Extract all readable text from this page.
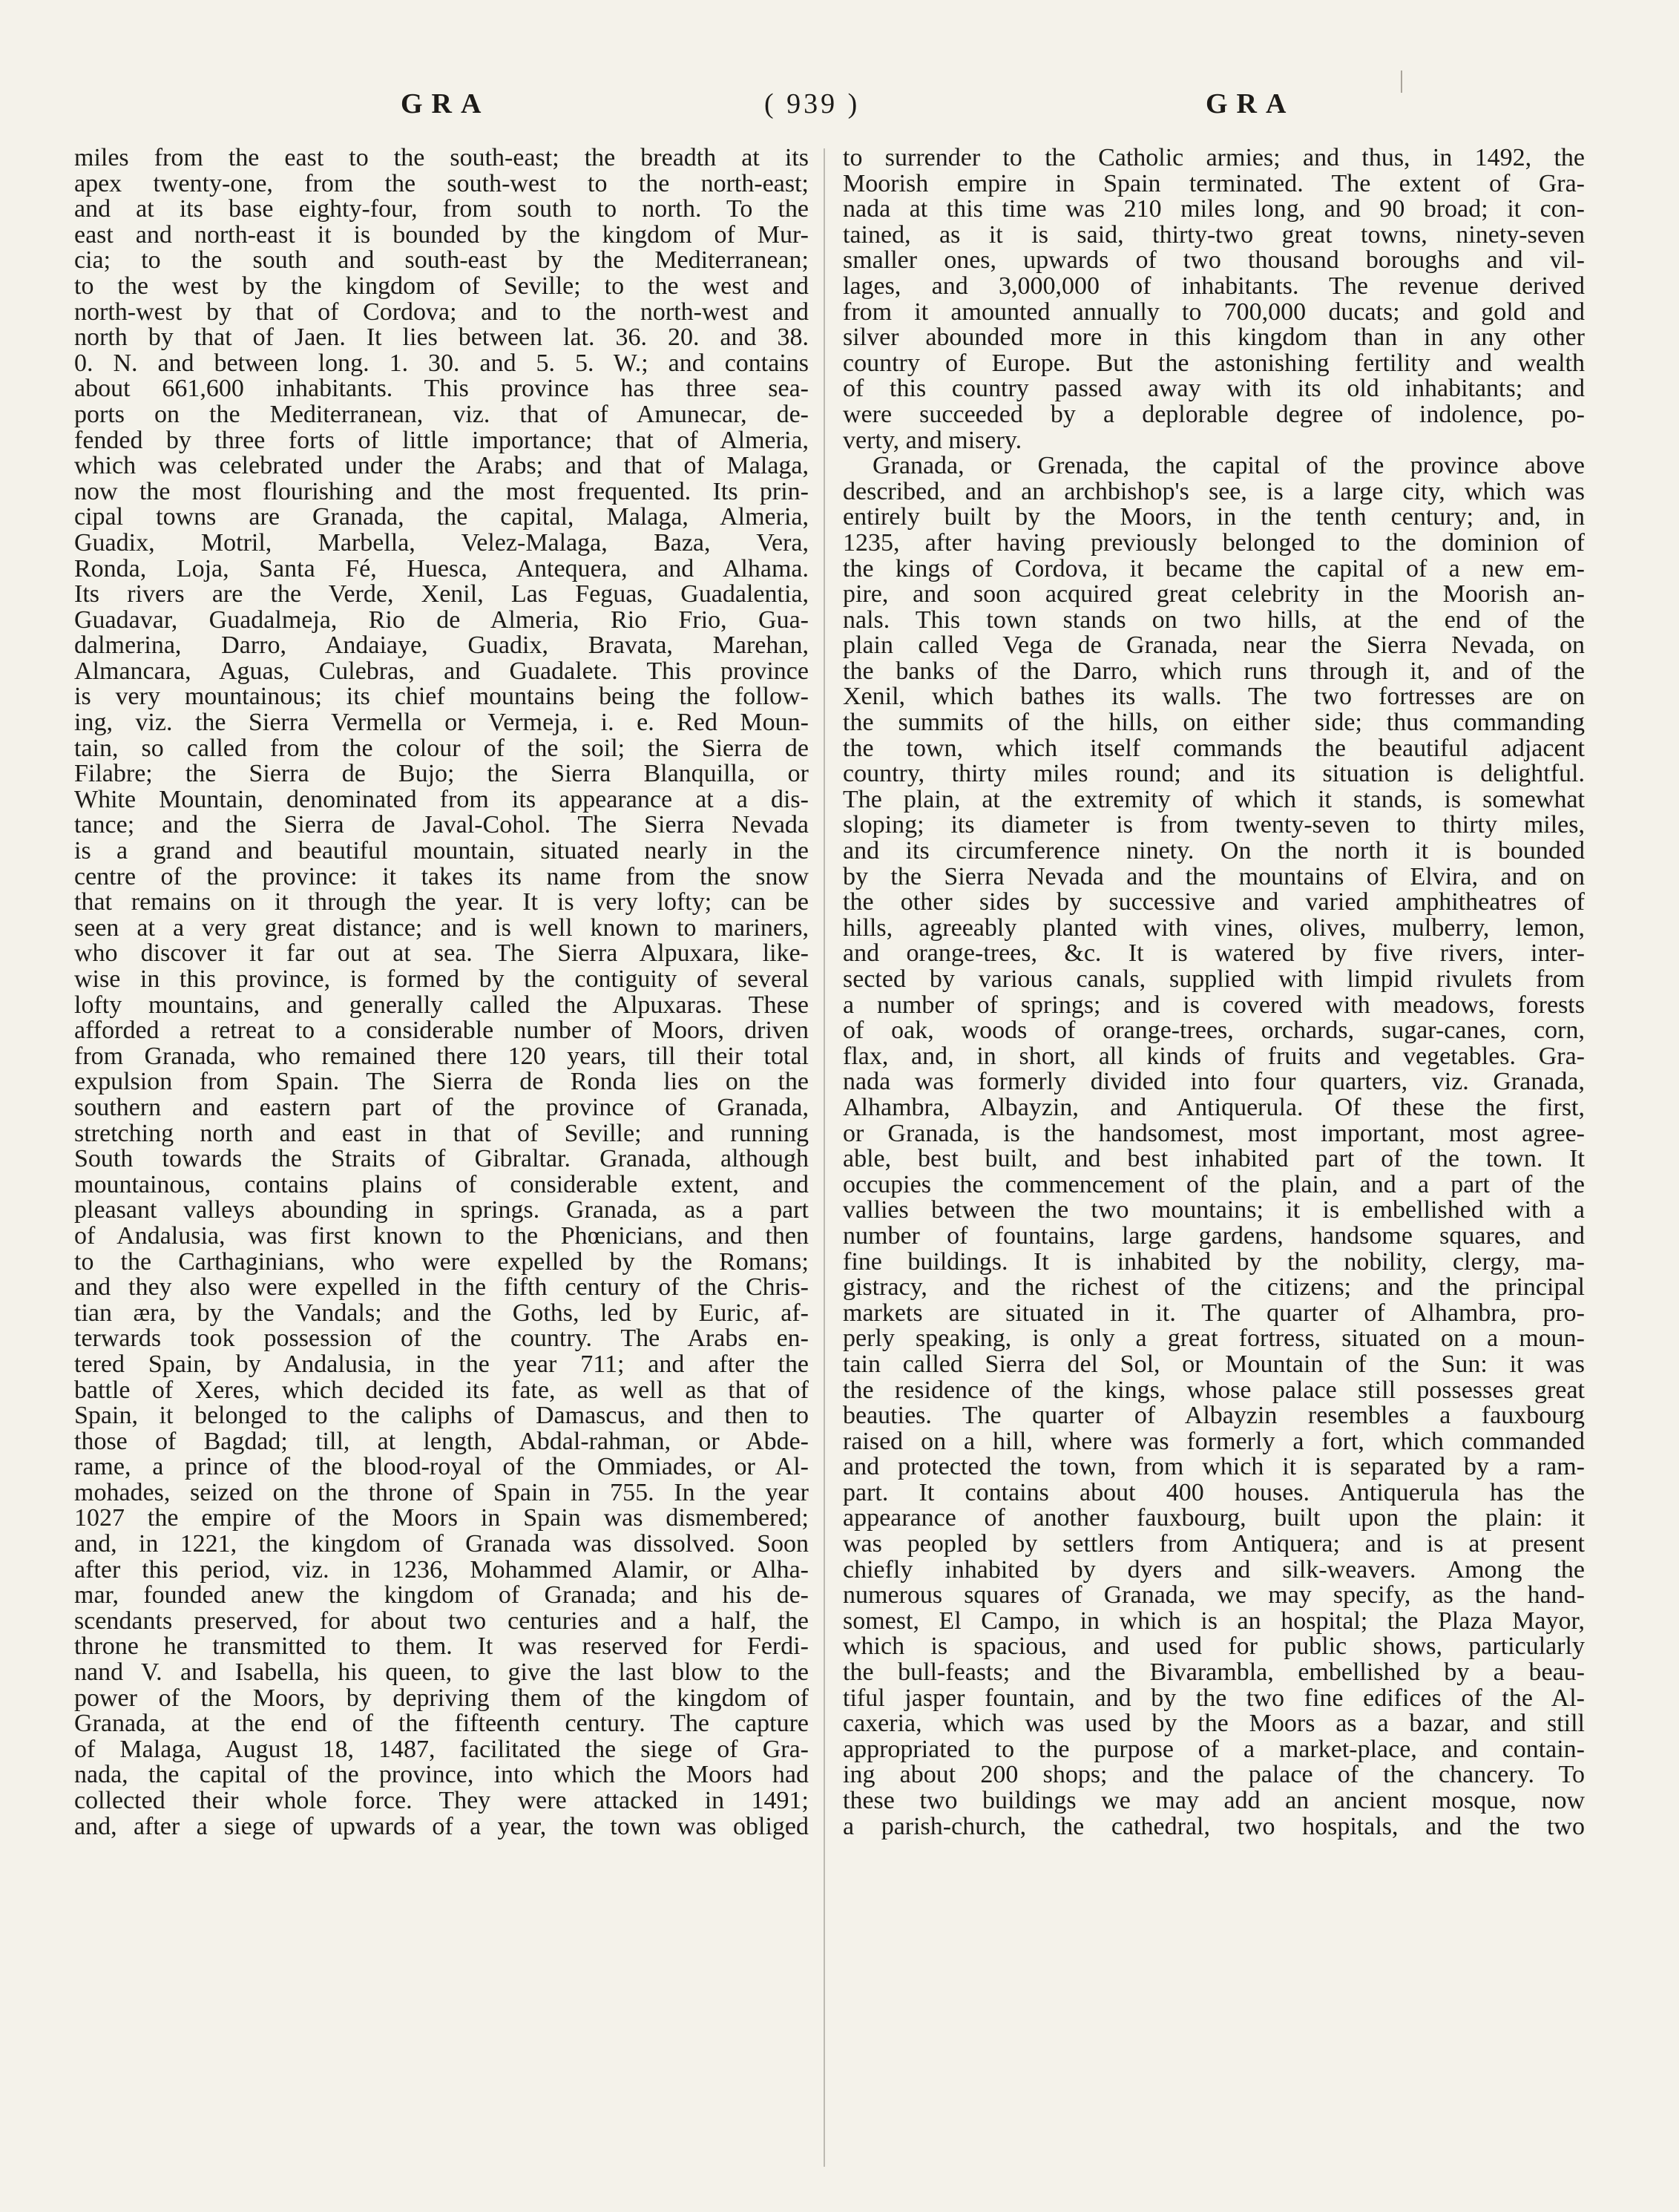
GRA	( 939 )	GRA
miles from the east to the south-east; the breadth at its
apex twenty-one, from the south-west to the north-east;
and at its base eighty-four, from south to north. To the
east and north-east it is bounded by the kingdom of Mur-
cia; to the south and south-east by the Mediterranean;
to the west by the kingdom of Seville; to the west and
north-west by that of Cordova; and to the north-west and
north by that of Jaen. It lies between lat. 36. 20. and 38.
0. N. and between long. 1. 30. and 5. 5. W.; and contains
about 661,600 inhabitants. This province has three sea-
ports on the Mediterranean, viz. that of Amunecar, de-
fended by three forts of little importance; that of Almeria,
which was celebrated under the Arabs; and that of Malaga,
now the most flourishing and the most frequented. Its prin-
cipal towns are Granada, the capital, Malaga, Almeria,
Guadix, Motril, Marbella, Velez-Malaga, Baza, Vera,
Ronda, Loja, Santa Fé, Huesca, Antequera, and Alhama.
Its rivers are the Verde, Xenil, Las Feguas, Guadalentia,
Guadavar, Guadalmeja, Rio de Almeria, Rio Frio, Gua-
dalmerina, Darro, Andaiaye, Guadix, Bravata, Marehan,
Almancara, Aguas, Culebras, and Guadalete. This province
is very mountainous; its chief mountains being the follow-
ing, viz. the Sierra Vermella or Vermeja, i. e. Red Moun-
tain, so called from the colour of the soil; the Sierra de
Filabre; the Sierra de Bujo; the Sierra Blanquilla, or
White Mountain, denominated from its appearance at a dis-
tance; and the Sierra de Javal-Cohol. The Sierra Nevada
is a grand and beautiful mountain, situated nearly in the
centre of the province: it takes its name from the snow
that remains on it through the year. It is very lofty; can be
seen at a very great distance; and is well known to mariners,
who discover it far out at sea. The Sierra Alpuxara, like-
wise in this province, is formed by the contiguity of several
lofty mountains, and generally called the Alpuxaras. These
afforded a retreat to a considerable number of Moors, driven
from Granada, who remained there 120 years, till their total
expulsion from Spain. The Sierra de Ronda lies on the
southern and eastern part of the province of Granada,
stretching north and east in that of Seville; and running
South towards the Straits of Gibraltar. Granada, although
mountainous, contains plains of considerable extent, and
pleasant valleys abounding in springs. Granada, as a part
of Andalusia, was first known to the Phœnicians, and then
to the Carthaginians, who were expelled by the Romans;
and they also were expelled in the fifth century of the Chris-
tian æra, by the Vandals; and the Goths, led by Euric, af-
terwards took possession of the country. The Arabs en-
tered Spain, by Andalusia, in the year 711; and after the
battle of Xeres, which decided its fate, as well as that of
Spain, it belonged to the caliphs of Damascus, and then to
those of Bagdad; till, at length, Abdal-rahman, or Abde-
rame, a prince of the blood-royal of the Ommiades, or Al-
mohades, seized on the throne of Spain in 755. In the year
1027 the empire of the Moors in Spain was dismembered;
and, in 1221, the kingdom of Granada was dissolved. Soon
after this period, viz. in 1236, Mohammed Alamir, or Alha-
mar, founded anew the kingdom of Granada; and his de-
scendants preserved, for about two centuries and a half, the
throne he transmitted to them. It was reserved for Ferdi-
nand V. and Isabella, his queen, to give the last blow to the
power of the Moors, by depriving them of the kingdom of
Granada, at the end of the fifteenth century. The capture
of Malaga, August 18, 1487, facilitated the siege of Gra-
nada, the capital of the province, into which the Moors had
collected their whole force. They were attacked in 1491;
and, after a siege of upwards of a year, the town was obliged
to surrender to the Catholic armies; and thus, in 1492, the
Moorish empire in Spain terminated. The extent of Gra-
nada at this time was 210 miles long, and 90 broad; it con-
tained, as it is said, thirty-two great towns, ninety-seven
smaller ones, upwards of two thousand boroughs and vil-
lages, and 3,000,000 of inhabitants. The revenue derived
from it amounted annually to 700,000 ducats; and gold and
silver abounded more in this kingdom than in any other
country of Europe. But the astonishing fertility and wealth
of this country passed away with its old inhabitants; and
were succeeded by a deplorable degree of indolence, po-
verty, and misery.
Granada, or Grenada, the capital of the province above
described, and an archbishop's see, is a large city, which was
entirely built by the Moors, in the tenth century; and, in
1235, after having previously belonged to the dominion of
the kings of Cordova, it became the capital of a new em-
pire, and soon acquired great celebrity in the Moorish an-
nals. This town stands on two hills, at the end of the
plain called Vega de Granada, near the Sierra Nevada, on
the banks of the Darro, which runs through it, and of the
Xenil, which bathes its walls. The two fortresses are on
the summits of the hills, on either side; thus commanding
the town, which itself commands the beautiful adjacent
country, thirty miles round; and its situation is delightful.
The plain, at the extremity of which it stands, is somewhat
sloping; its diameter is from twenty-seven to thirty miles,
and its circumference ninety. On the north it is bounded
by the Sierra Nevada and the mountains of Elvira, and on
the other sides by successive and varied amphitheatres of
hills, agreeably planted with vines, olives, mulberry, lemon,
and orange-trees, &c. It is watered by five rivers, inter-
sected by various canals, supplied with limpid rivulets from
a number of springs; and is covered with meadows, forests
of oak, woods of orange-trees, orchards, sugar-canes, corn,
flax, and, in short, all kinds of fruits and vegetables. Gra-
nada was formerly divided into four quarters, viz. Granada,
Alhambra, Albayzin, and Antiquerula. Of these the first,
or Granada, is the handsomest, most important, most agree-
able, best built, and best inhabited part of the town. It
occupies the commencement of the plain, and a part of the
vallies between the two mountains; it is embellished with a
number of fountains, large gardens, handsome squares, and
fine buildings. It is inhabited by the nobility, clergy, ma-
gistracy, and the richest of the citizens; and the principal
markets are situated in it. The quarter of Alhambra, pro-
perly speaking, is only a great fortress, situated on a moun-
tain called Sierra del Sol, or Mountain of the Sun: it was
the residence of the kings, whose palace still possesses great
beauties. The quarter of Albayzin resembles a fauxbourg
raised on a hill, where was formerly a fort, which commanded
and protected the town, from which it is separated by a ram-
part. It contains about 400 houses. Antiquerula has the
appearance of another fauxbourg, built upon the plain: it
was peopled by settlers from Antiquera; and is at present
chiefly inhabited by dyers and silk-weavers. Among the
numerous squares of Granada, we may specify, as the hand-
somest, El Campo, in which is an hospital; the Plaza Mayor,
which is spacious, and used for public shows, particularly
the bull-feasts; and the Bivarambla, embellished by a beau-
tiful jasper fountain, and by the two fine edifices of the Al-
caxeria, which was used by the Moors as a bazar, and still
appropriated to the purpose of a market-place, and contain-
ing about 200 shops; and the palace of the chancery. To
these two buildings we may add an ancient mosque, now
a parish-church, the cathedral, two hospitals, and the two
